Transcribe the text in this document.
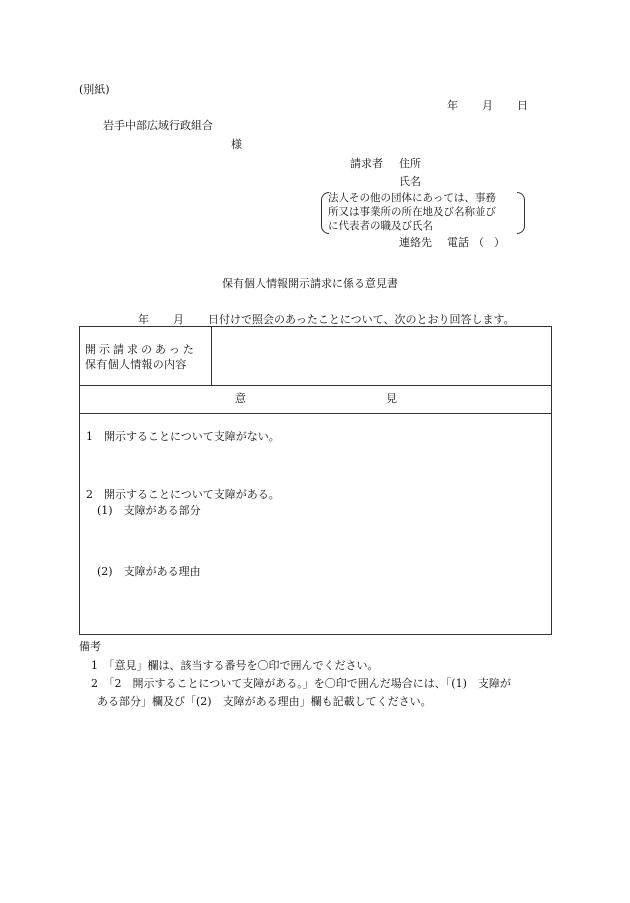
(別紙)
年 月 日
岩手中部広域行政組合
様
請求者 住所
氏名
法人その他の団体にあっては、事務
所又は事業所の所在地及び名称並び
に代表者の職及び氏名
連絡先 電話 （ ）
保有個人情報開示請求に係る意見書
年 月 日付けで照会のあったことについて、次のとおり回答します。
開示請求のあった
保有個人情報の内容
意	見
1　開示することについて支障がない。
2　開示することについて支障がある。
(1)　支障がある部分
(2)　支障がある理由
備考
1　「意見」欄は、該当する番号を〇印で囲んでください。
2　「2　開示することについて支障がある。」を〇印で囲んだ場合には、「(1)　支障が
ある部分」欄及び「(2)　支障がある理由」欄も記載してください。
